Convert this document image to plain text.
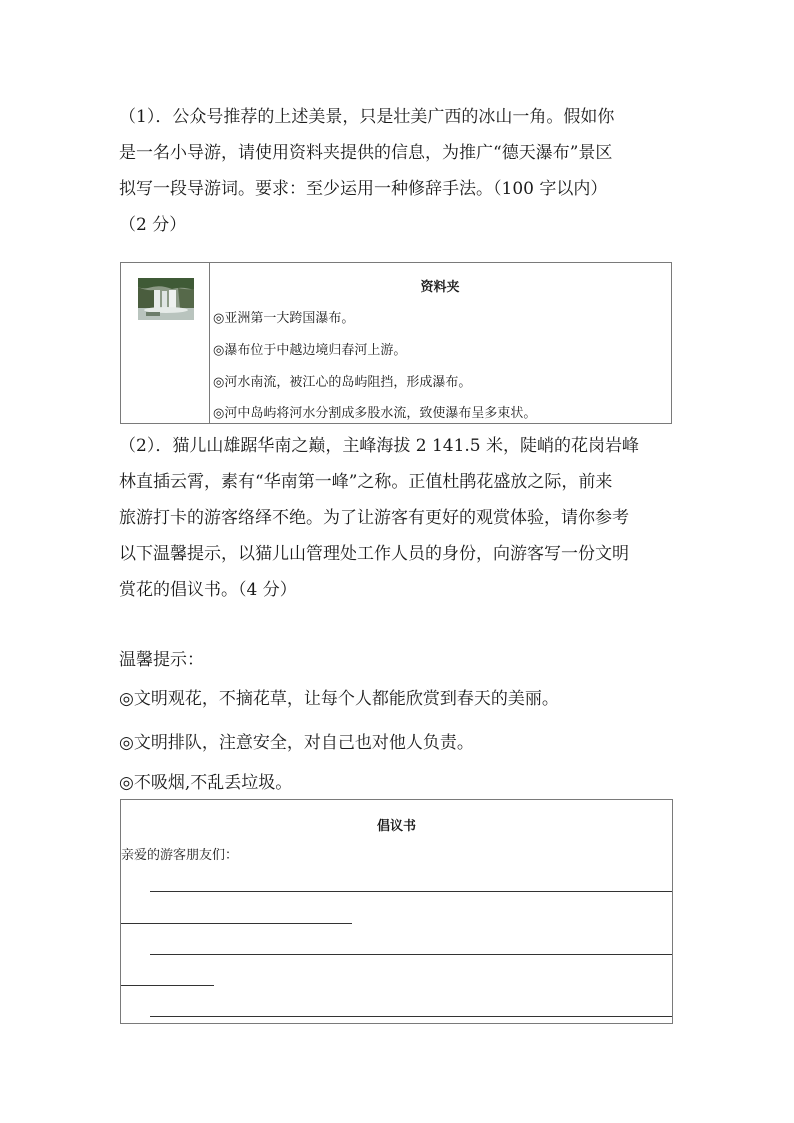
（1）．公众号推荐的上述美景，只是壮美广西的冰山一角。假如你
是一名小导游，请使用资料夹提供的信息，为推广“德天瀑布”景区
拟写一段导游词。要求：至少运用一种修辞手法。（100 字以内）
（2 分）
资料夹
◎亚洲第一大跨国瀑布。
◎瀑布位于中越边境归春河上游。
◎河水南流，被江心的岛屿阻挡，形成瀑布。
◎河中岛屿将河水分割成多股水流，致使瀑布呈多束状。
（2）．猫儿山雄踞华南之巅，主峰海拔 2 141.5 米，陡峭的花岗岩峰
林直插云霄，素有“华南第一峰”之称。正值杜鹃花盛放之际，前来
旅游打卡的游客络绎不绝。为了让游客有更好的观赏体验，请你参考
以下温馨提示，以猫儿山管理处工作人员的身份，向游客写一份文明
赏花的倡议书。（4 分）
温馨提示：
◎文明观花，不摘花草，让每个人都能欣赏到春天的美丽。
◎文明排队，注意安全，对自己也对他人负责。
◎不吸烟,不乱丢垃圾。
倡议书
亲爱的游客朋友们：
